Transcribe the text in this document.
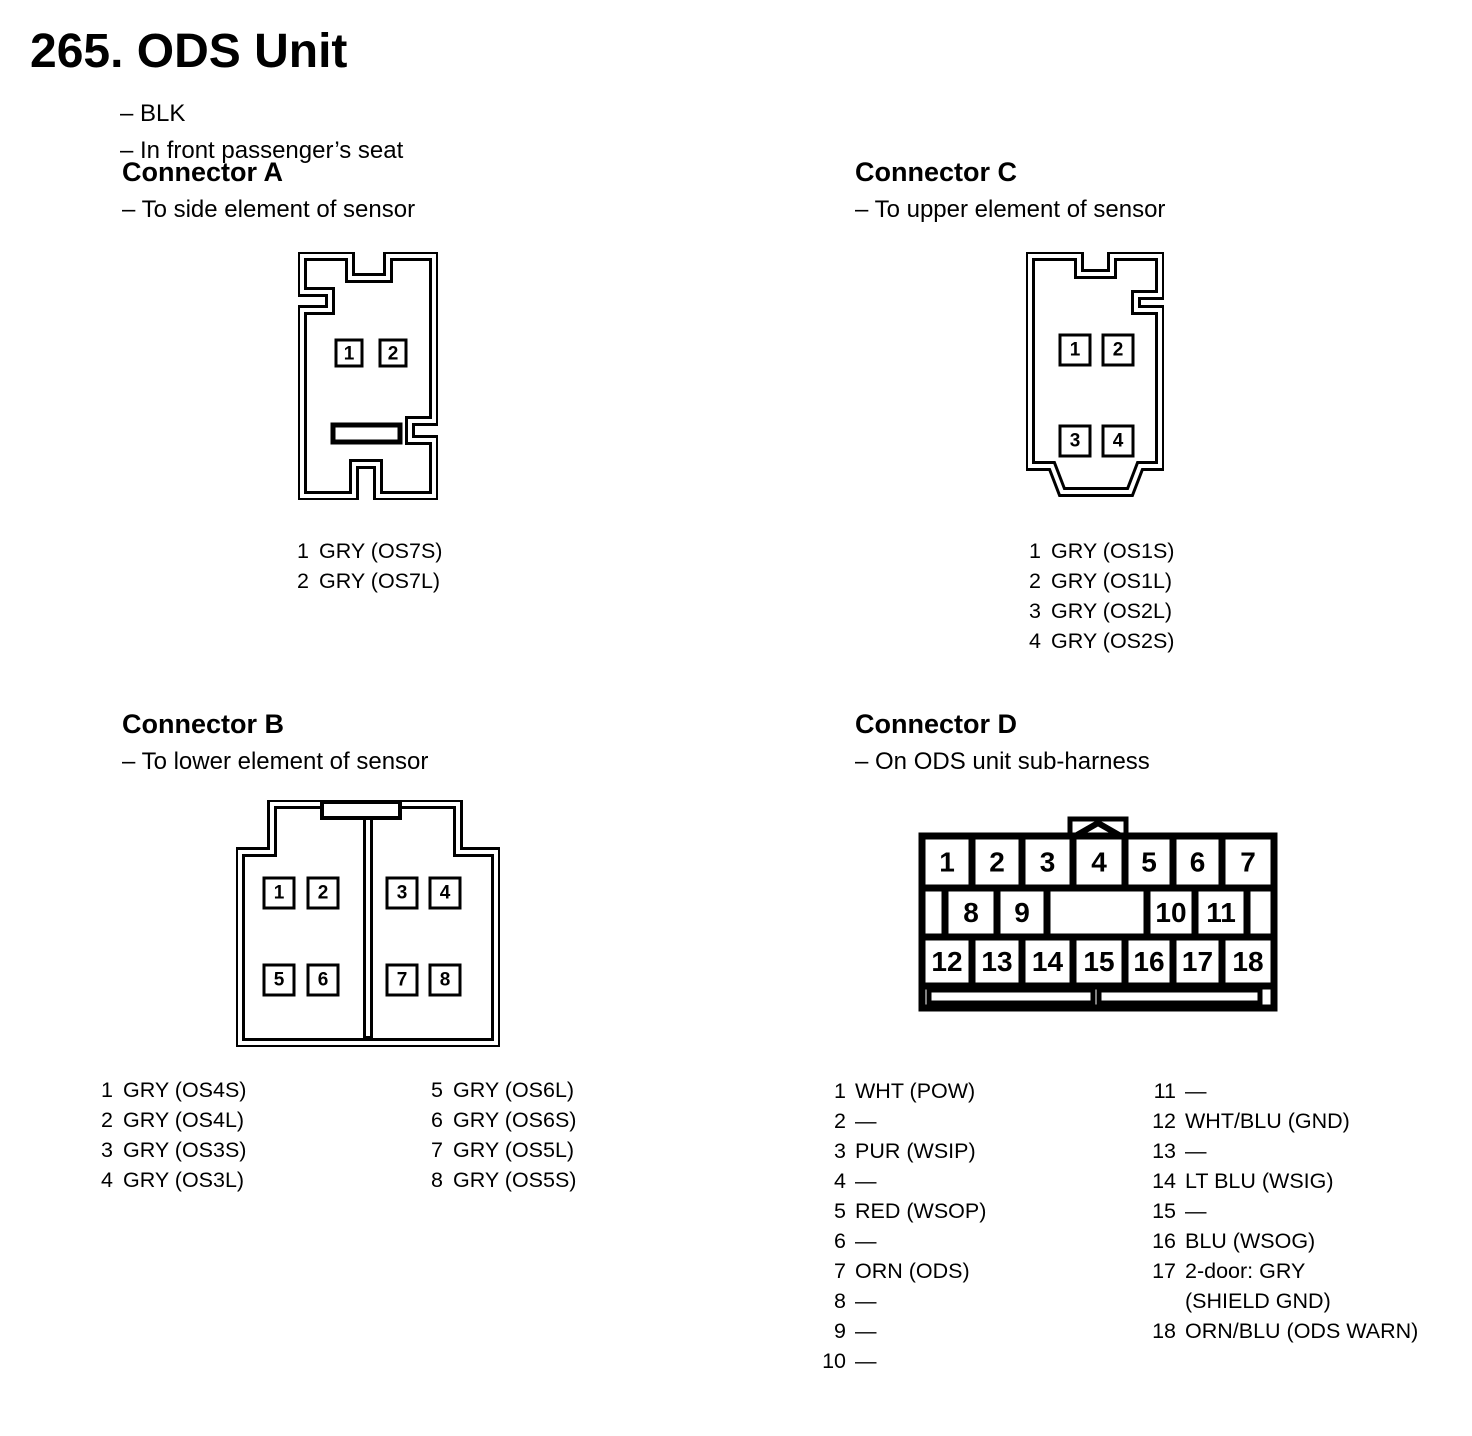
265. ODS Unit
– BLK
– In front passenger’s seat
Connector A
– To side element of sensor
1 2
1 GRY (OS7S)
2 GRY (OS7L)
Connector C
– To upper element of sensor
1 2
3 4
1 GRY (OS1S)
2 GRY (OS1L)
3 GRY (OS2L)
4 GRY (OS2S)
Connector B
– To lower element of sensor
1 2	3 4
5 6	7 8
1 GRY (OS4S)
2 GRY (OS4L)
3 GRY (OS3S)
4 GRY (OS3L)
5 GRY (OS6L)
6 GRY (OS6S)
7 GRY (OS5L)
8 GRY (OS5S)
Connector D
– On ODS unit sub-harness
1 2 3 4 5 6 7
8 9	10 11
12 13 14 15 16 17 18
1 WHT (POW)
2 —
3 PUR (WSIP)
4 —
5 RED (WSOP)
6 —
7 ORN (ODS)
8 —
9 —
10 —
11 —
12 WHT/BLU (GND)
13 —
14 LT BLU (WSIG)
15 —
16 BLU (WSOG)
17 2-door: GRY
(SHIELD GND)
18 ORN/BLU (ODS WARN)
